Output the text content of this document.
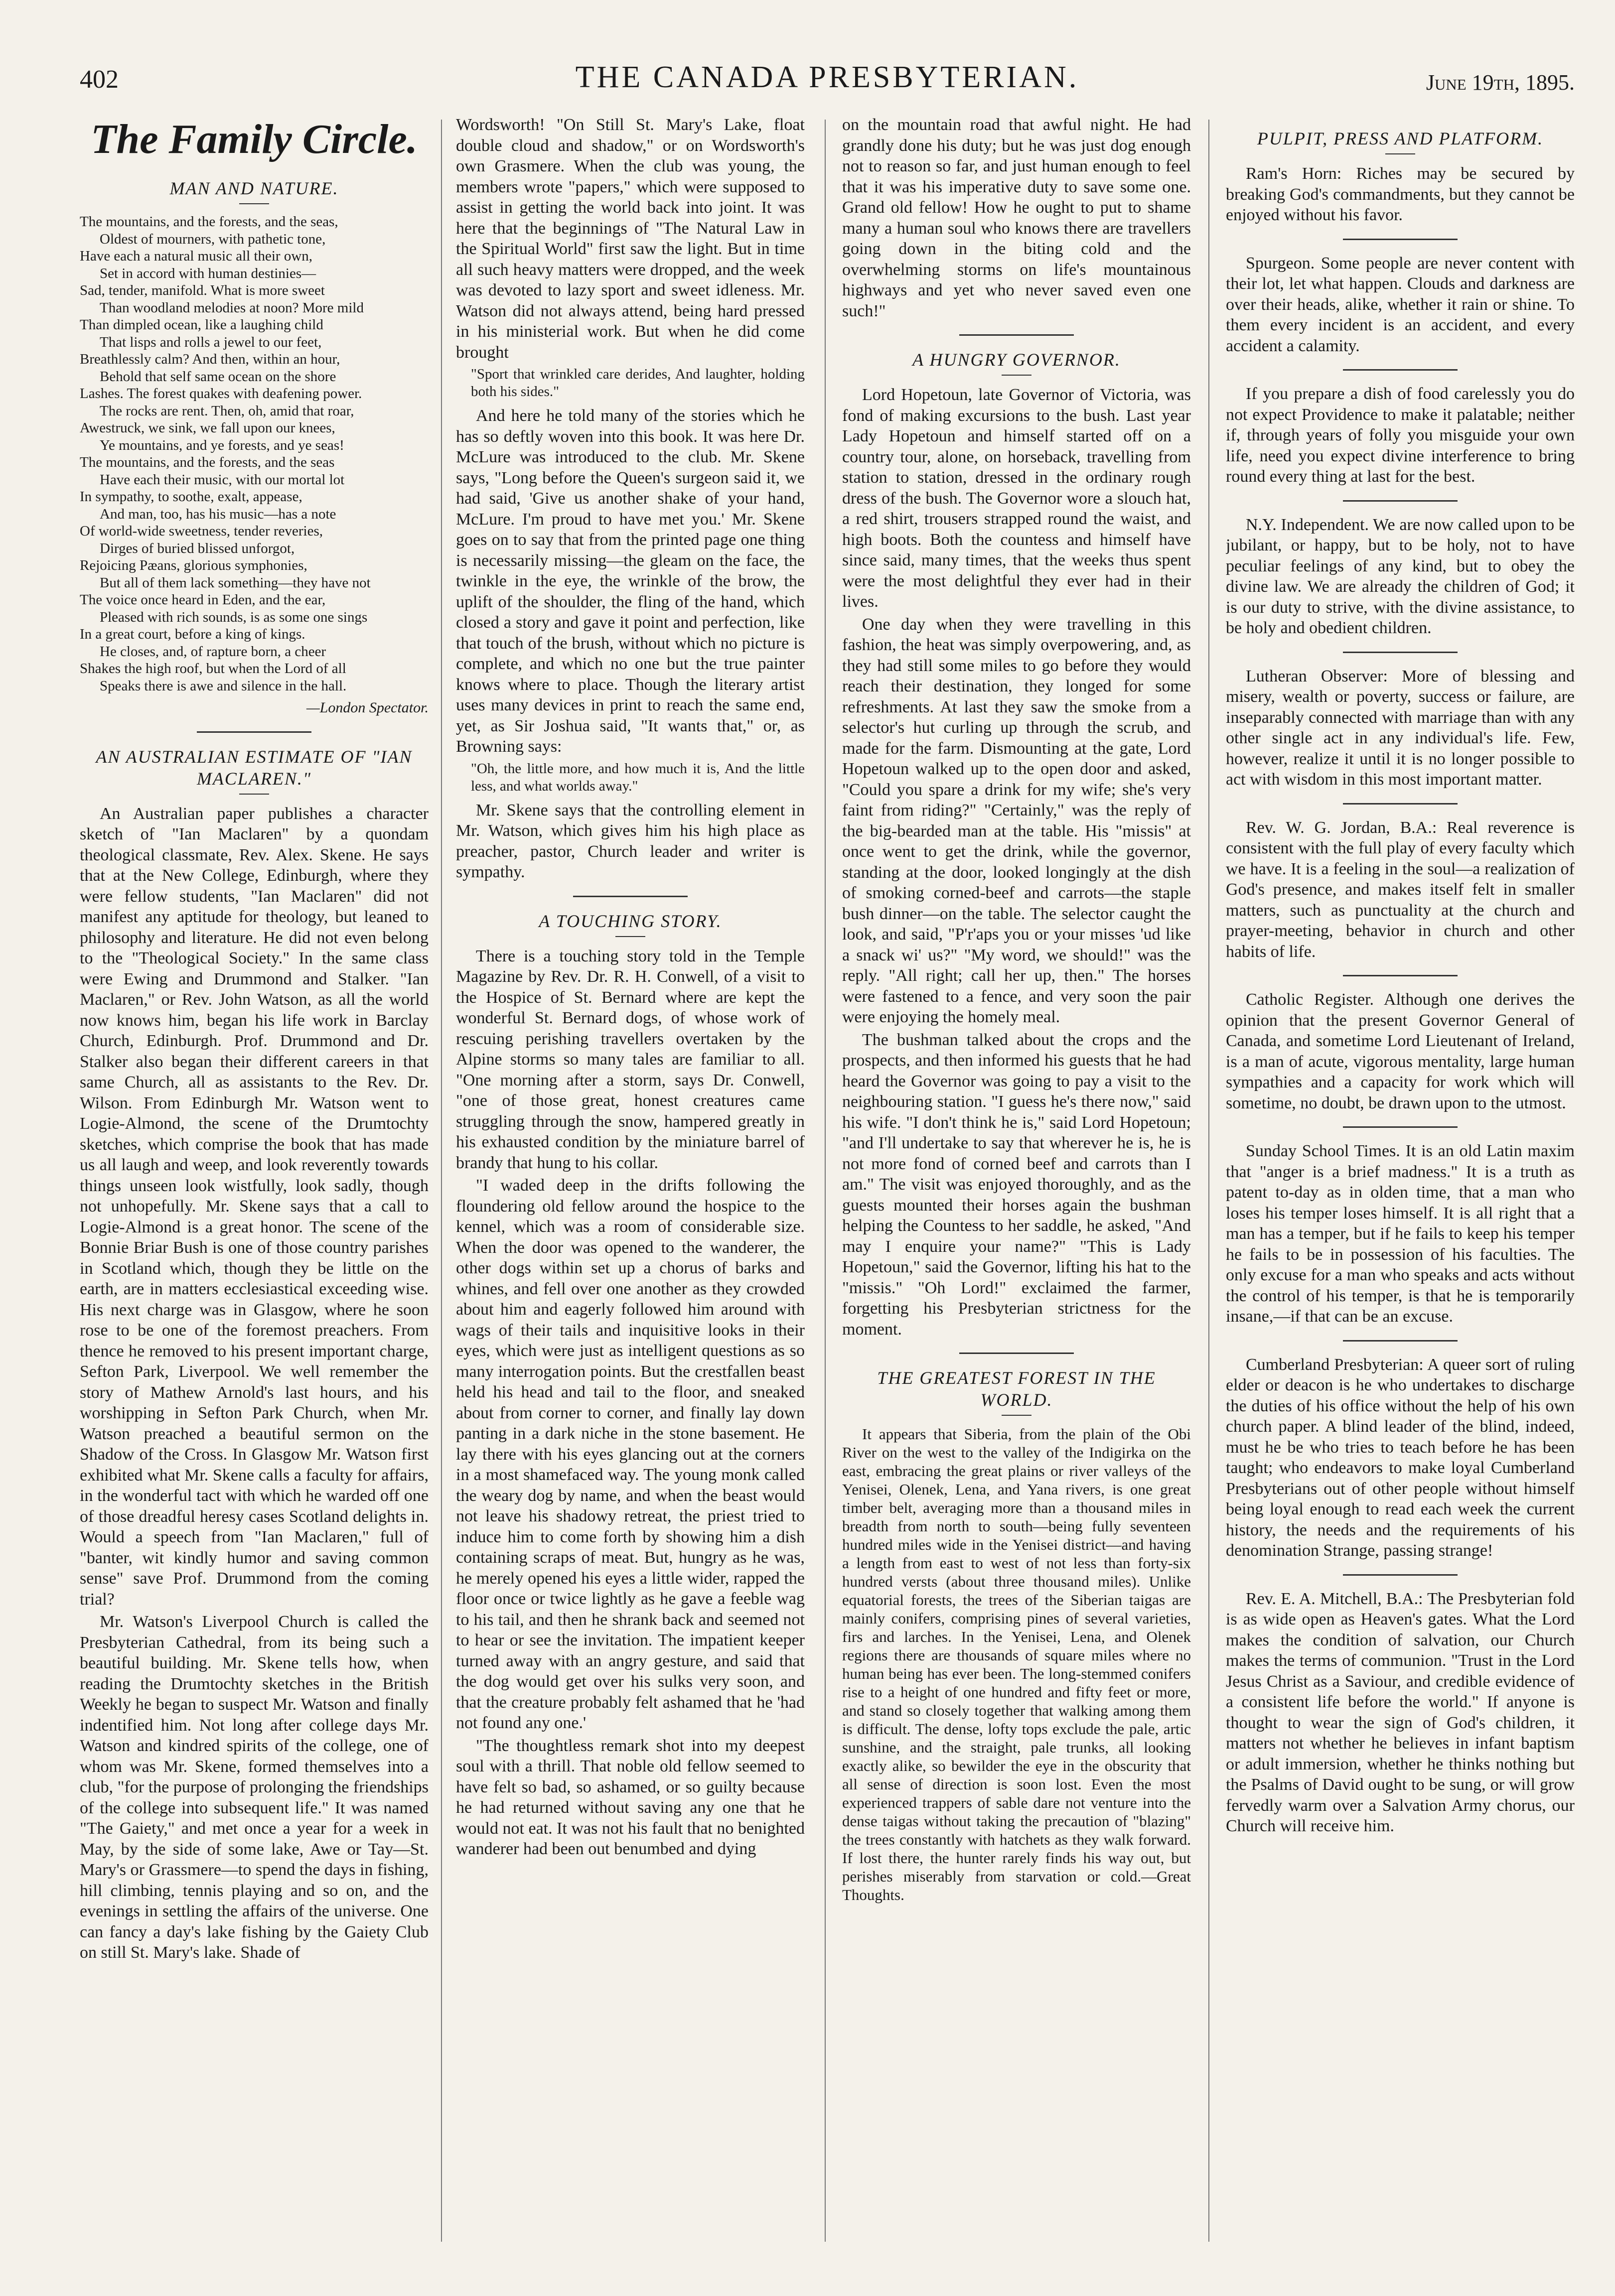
402	THE CANADA PRESBYTERIAN.	June 19th, 1895.
The Family Circle.
MAN AND NATURE.
The mountains, and the forests, and the seas,
Oldest of mourners, with pathetic tone,
Have each a natural music all their own,
Set in accord with human destinies—
Sad, tender, manifold. What is more sweet
Than woodland melodies at noon? More mild
Than dimpled ocean, like a laughing child
That lisps and rolls a jewel to our feet,
Breathlessly calm? And then, within an hour,
Behold that self same ocean on the shore
Lashes. The forest quakes with deafening power.
The rocks are rent. Then, oh, amid that roar,
Awestruck, we sink, we fall upon our knees,
Ye mountains, and ye forests, and ye seas!
The mountains, and the forests, and the seas
Have each their music, with our mortal lot
In sympathy, to soothe, exalt, appease,
And man, too, has his music—has a note
Of world-wide sweetness, tender reveries,
Dirges of buried blissed unforgot,
Rejoicing Pæans, glorious symphonies,
But all of them lack something—they have not
The voice once heard in Eden, and the ear,
Pleased with rich sounds, is as some one sings
In a great court, before a king of kings.
He closes, and, of rapture born, a cheer
Shakes the high roof, but when the Lord of all
Speaks there is awe and silence in the hall.
—London Spectator.
AN AUSTRALIAN ESTIMATE OF "IAN MACLAREN."

An Australian paper publishes a character sketch of "Ian Maclaren" by a quondam theological classmate, Rev. Alex. Skene. He says that at the New College, Edinburgh, where they were fellow students, "Ian Maclaren" did not manifest any aptitude for theology, but leaned to philosophy and literature. He did not even belong to the "Theological Society." In the same class were Ewing and Drummond and Stalker. "Ian Maclaren," or Rev. John Watson, as all the world now knows him, began his life work in Barclay Church, Edinburgh. Prof. Drummond and Dr. Stalker also began their different careers in that same Church, all as assistants to the Rev. Dr. Wilson. From Edinburgh Mr. Watson went to Logie-Almond, the scene of the Drumtochty sketches, which comprise the book that has made us all laugh and weep, and look reverently towards things unseen look wistfully, look sadly, though not unhopefully. Mr. Skene says that a call to Logie-Almond is a great honor. The scene of the Bonnie Briar Bush is one of those country parishes in Scotland which, though they be little on the earth, are in matters ecclesiastical exceeding wise. His next charge was in Glasgow, where he soon rose to be one of the foremost preachers. From thence he removed to his present important charge, Sefton Park, Liverpool. We well remember the story of Mathew Arnold's last hours, and his worshipping in Sefton Park Church, when Mr. Watson preached a beautiful sermon on the Shadow of the Cross. In Glasgow Mr. Watson first exhibited what Mr. Skene calls a faculty for affairs, in the wonderful tact with which he warded off one of those dreadful heresy cases Scotland delights in. Would a speech from "Ian Maclaren," full of "banter, wit kindly humor and saving common sense" save Prof. Drummond from the coming trial?

Mr. Watson's Liverpool Church is called the Presbyterian Cathedral, from its being such a beautiful building. Mr. Skene tells how, when reading the Drumtochty sketches in the British Weekly he began to suspect Mr. Watson and finally indentified him. Not long after college days Mr. Watson and kindred spirits of the college, one of whom was Mr. Skene, formed themselves into a club, "for the purpose of prolonging the friendships of the college into subsequent life." It was named "The Gaiety," and met once a year for a week in May, by the side of some lake, Awe or Tay—St. Mary's or Grassmere—to spend the days in fishing, hill climbing, tennis playing and so on, and the evenings in settling the affairs of the universe. One can fancy a day's lake fishing by the Gaiety Club on still St. Mary's lake. Shade of

Wordsworth! "On Still St. Mary's Lake, float double cloud and shadow," or on Wordsworth's own Grasmere. When the club was young, the members wrote "papers," which were supposed to assist in getting the world back into joint. It was here that the beginnings of "The Natural Law in the Spiritual World" first saw the light. But in time all such heavy matters were dropped, and the week was devoted to lazy sport and sweet idleness. Mr. Watson did not always attend, being hard pressed in his ministerial work. But when he did come brought

"Sport that wrinkled care derides, And laughter, holding both his sides."

And here he told many of the stories which he has so deftly woven into this book. It was here Dr. McLure was introduced to the club. Mr. Skene says, "Long before the Queen's surgeon said it, we had said, 'Give us another shake of your hand, McLure. I'm proud to have met you.' Mr. Skene goes on to say that from the printed page one thing is necessarily missing—the gleam on the face, the twinkle in the eye, the wrinkle of the brow, the uplift of the shoulder, the fling of the hand, which closed a story and gave it point and perfection, like that touch of the brush, without which no picture is complete, and which no one but the true painter knows where to place. Though the literary artist uses many devices in print to reach the same end, yet, as Sir Joshua said, "It wants that," or, as Browning says:

"Oh, the little more, and how much it is, And the little less, and what worlds away."

Mr. Skene says that the controlling element in Mr. Watson, which gives him his high place as preacher, pastor, Church leader and writer is sympathy.

A TOUCHING STORY.

There is a touching story told in the Temple Magazine by Rev. Dr. R. H. Conwell, of a visit to the Hospice of St. Bernard where are kept the wonderful St. Bernard dogs, of whose work of rescuing perishing travellers overtaken by the Alpine storms so many tales are familiar to all. "One morning after a storm, says Dr. Conwell, "one of those great, honest creatures came struggling through the snow, hampered greatly in his exhausted condition by the miniature barrel of brandy that hung to his collar.

"I waded deep in the drifts following the floundering old fellow around the hospice to the kennel, which was a room of considerable size. When the door was opened to the wanderer, the other dogs within set up a chorus of barks and whines, and fell over one another as they crowded about him and eagerly followed him around with wags of their tails and inquisitive looks in their eyes, which were just as intelligent questions as so many interrogation points. But the crestfallen beast held his head and tail to the floor, and sneaked about from corner to corner, and finally lay down panting in a dark niche in the stone basement. He lay there with his eyes glancing out at the corners in a most shamefaced way. The young monk called the weary dog by name, and when the beast would not leave his shadowy retreat, the priest tried to induce him to come forth by showing him a dish containing scraps of meat. But, hungry as he was, he merely opened his eyes a little wider, rapped the floor once or twice lightly as he gave a feeble wag to his tail, and then he shrank back and seemed not to hear or see the invitation. The impatient keeper turned away with an angry gesture, and said that the dog would get over his sulks very soon, and that the creature probably felt ashamed that he 'had not found any one.'

"The thoughtless remark shot into my deepest soul with a thrill. That noble old fellow seemed to have felt so bad, so ashamed, or so guilty because he had returned without saving any one that he would not eat. It was not his fault that no benighted wanderer had been out benumbed and dying

on the mountain road that awful night. He had grandly done his duty; but he was just dog enough not to reason so far, and just human enough to feel that it was his imperative duty to save some one. Grand old fellow! How he ought to put to shame many a human soul who knows there are travellers going down in the biting cold and the overwhelming storms on life's mountainous highways and yet who never saved even one such!"

A HUNGRY GOVERNOR.

Lord Hopetoun, late Governor of Victoria, was fond of making excursions to the bush. Last year Lady Hopetoun and himself started off on a country tour, alone, on horseback, travelling from station to station, dressed in the ordinary rough dress of the bush. The Governor wore a slouch hat, a red shirt, trousers strapped round the waist, and high boots. Both the countess and himself have since said, many times, that the weeks thus spent were the most delightful they ever had in their lives.

One day when they were travelling in this fashion, the heat was simply overpowering, and, as they had still some miles to go before they would reach their destination, they longed for some refreshments. At last they saw the smoke from a selector's hut curling up through the scrub, and made for the farm. Dismounting at the gate, Lord Hopetoun walked up to the open door and asked, "Could you spare a drink for my wife; she's very faint from riding?" "Certainly," was the reply of the big-bearded man at the table. His "missis" at once went to get the drink, while the governor, standing at the door, looked longingly at the dish of smoking corned-beef and carrots—the staple bush dinner—on the table. The selector caught the look, and said, "P'r'aps you or your misses 'ud like a snack wi' us?" "My word, we should!" was the reply. "All right; call her up, then." The horses were fastened to a fence, and very soon the pair were enjoying the homely meal.

The bushman talked about the crops and the prospects, and then informed his guests that he had heard the Governor was going to pay a visit to the neighbouring station. "I guess he's there now," said his wife. "I don't think he is," said Lord Hopetoun; "and I'll undertake to say that wherever he is, he is not more fond of corned beef and carrots than I am." The visit was enjoyed thoroughly, and as the guests mounted their horses again the bushman helping the Countess to her saddle, he asked, "And may I enquire your name?" "This is Lady Hopetoun," said the Governor, lifting his hat to the "missis." "Oh Lord!" exclaimed the farmer, forgetting his Presbyterian strictness for the moment.

THE GREATEST FOREST IN THE WORLD.

It appears that Siberia, from the plain of the Obi River on the west to the valley of the Indigirka on the east, embracing the great plains or river valleys of the Yenisei, Olenek, Lena, and Yana rivers, is one great timber belt, averaging more than a thousand miles in breadth from north to south—being fully seventeen hundred miles wide in the Yenisei district—and having a length from east to west of not less than forty-six hundred versts (about three thousand miles). Unlike equatorial forests, the trees of the Siberian taigas are mainly conifers, comprising pines of several varieties, firs and larches. In the Yenisei, Lena, and Olenek regions there are thousands of square miles where no human being has ever been. The long-stemmed conifers rise to a height of one hundred and fifty feet or more, and stand so closely together that walking among them is difficult. The dense, lofty tops exclude the pale, artic sunshine, and the straight, pale trunks, all looking exactly alike, so bewilder the eye in the obscurity that all sense of direction is soon lost. Even the most experienced trappers of sable dare not venture into the dense taigas without taking the precaution of "blazing" the trees constantly with hatchets as they walk forward. If lost there, the hunter rarely finds his way out, but perishes miserably from starvation or cold.—Great Thoughts.

PULPIT, PRESS AND PLATFORM.

Ram's Horn: Riches may be secured by breaking God's commandments, but they cannot be enjoyed without his favor.

Spurgeon. Some people are never content with their lot, let what happen. Clouds and darkness are over their heads, alike, whether it rain or shine. To them every incident is an accident, and every accident a calamity.

If you prepare a dish of food carelessly you do not expect Providence to make it palatable; neither if, through years of folly you misguide your own life, need you expect divine interference to bring round every thing at last for the best.

N.Y. Independent. We are now called upon to be jubilant, or happy, but to be holy, not to have peculiar feelings of any kind, but to obey the divine law. We are already the children of God; it is our duty to strive, with the divine assistance, to be holy and obedient children.

Lutheran Observer: More of blessing and misery, wealth or poverty, success or failure, are inseparably connected with marriage than with any other single act in any individual's life. Few, however, realize it until it is no longer possible to act with wisdom in this most important matter.

Rev. W. G. Jordan, B.A.: Real reverence is consistent with the full play of every faculty which we have. It is a feeling in the soul—a realization of God's presence, and makes itself felt in smaller matters, such as punctuality at the church and prayer-meeting, behavior in church and other habits of life.

Catholic Register. Although one derives the opinion that the present Governor General of Canada, and sometime Lord Lieutenant of Ireland, is a man of acute, vigorous mentality, large human sympathies and a capacity for work which will sometime, no doubt, be drawn upon to the utmost.

Sunday School Times. It is an old Latin maxim that "anger is a brief madness." It is a truth as patent to-day as in olden time, that a man who loses his temper loses himself. It is all right that a man has a temper, but if he fails to keep his temper he fails to be in possession of his faculties. The only excuse for a man who speaks and acts without the control of his temper, is that he is temporarily insane,—if that can be an excuse.

Cumberland Presbyterian: A queer sort of ruling elder or deacon is he who undertakes to discharge the duties of his office without the help of his own church paper. A blind leader of the blind, indeed, must he be who tries to teach before he has been taught; who endeavors to make loyal Cumberland Presbyterians out of other people without himself being loyal enough to read each week the current history, the needs and the requirements of his denomination Strange, passing strange!

Rev. E. A. Mitchell, B.A.: The Presbyterian fold is as wide open as Heaven's gates. What the Lord makes the condition of salvation, our Church makes the terms of communion. "Trust in the Lord Jesus Christ as a Saviour, and credible evidence of a consistent life before the world." If anyone is thought to wear the sign of God's children, it matters not whether he believes in infant baptism or adult immersion, whether he thinks nothing but the Psalms of David ought to be sung, or will grow fervedly warm over a Salvation Army chorus, our Church will receive him.
